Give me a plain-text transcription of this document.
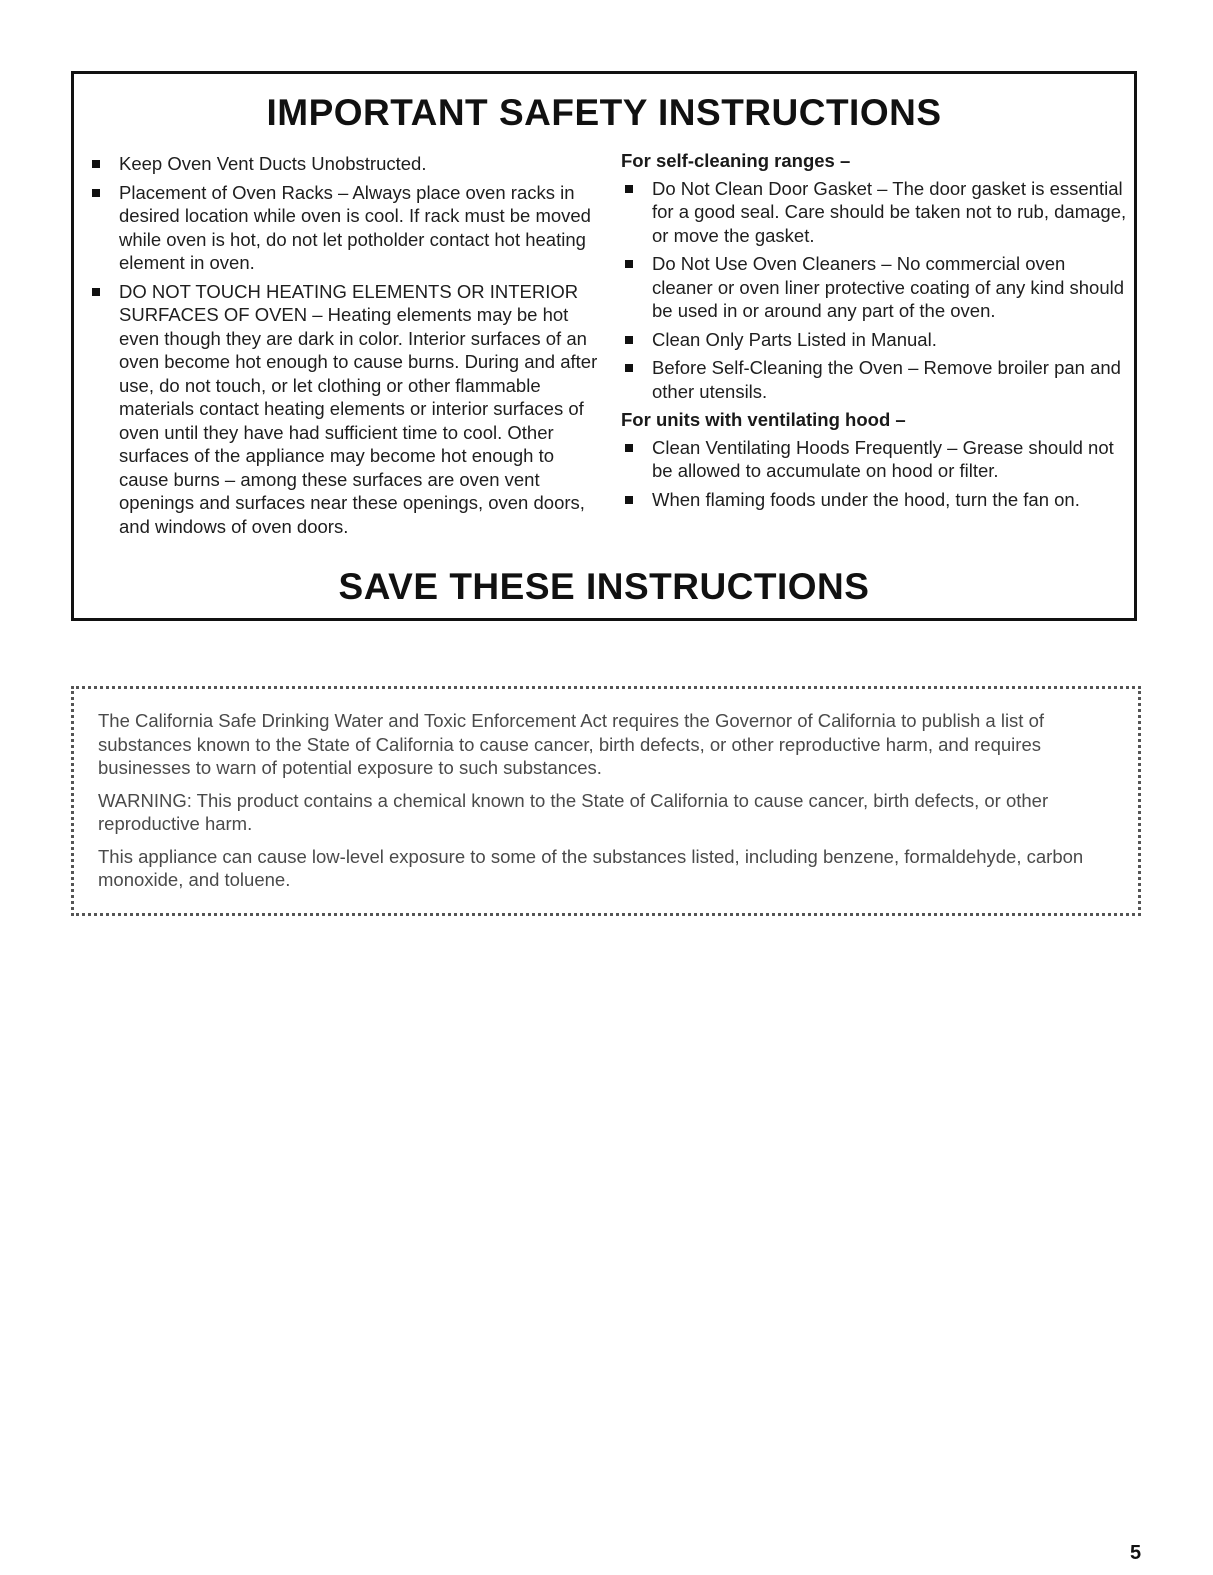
IMPORTANT SAFETY INSTRUCTIONS
Keep Oven Vent Ducts Unobstructed.
Placement of Oven Racks – Always place oven racks in desired location while oven is cool. If rack must be moved while oven is hot, do not let potholder contact hot heating element in oven.
DO NOT TOUCH HEATING ELEMENTS OR INTERIOR SURFACES OF OVEN – Heating elements may be hot even though they are dark in color. Interior surfaces of an oven become hot enough to cause burns. During and after use, do not touch, or let clothing or other flammable materials contact heating elements or interior surfaces of oven until they have had sufficient time to cool. Other surfaces of the appliance may become hot enough to cause burns – among these surfaces are oven vent openings and surfaces near these openings, oven doors, and windows of oven doors.
For self-cleaning ranges –
Do Not Clean Door Gasket – The door gasket is essential for a good seal. Care should be taken not to rub, damage, or move the gasket.
Do Not Use Oven Cleaners – No commercial oven cleaner or oven liner protective coating of any kind should be used in or around any part of the oven.
Clean Only Parts Listed in Manual.
Before Self-Cleaning the Oven – Remove broiler pan and other utensils.
For units with ventilating hood –
Clean Ventilating Hoods Frequently – Grease should not be allowed to accumulate on hood or filter.
When flaming foods under the hood, turn the fan on.
SAVE THESE INSTRUCTIONS

The California Safe Drinking Water and Toxic Enforcement Act requires the Governor of California to publish a list of substances known to the State of California to cause cancer, birth defects, or other reproductive harm, and requires businesses to warn of potential exposure to such substances.

WARNING: This product contains a chemical known to the State of California to cause cancer, birth defects, or other reproductive harm.

This appliance can cause low-level exposure to some of the substances listed, including benzene, formaldehyde, carbon monoxide, and toluene.

5
